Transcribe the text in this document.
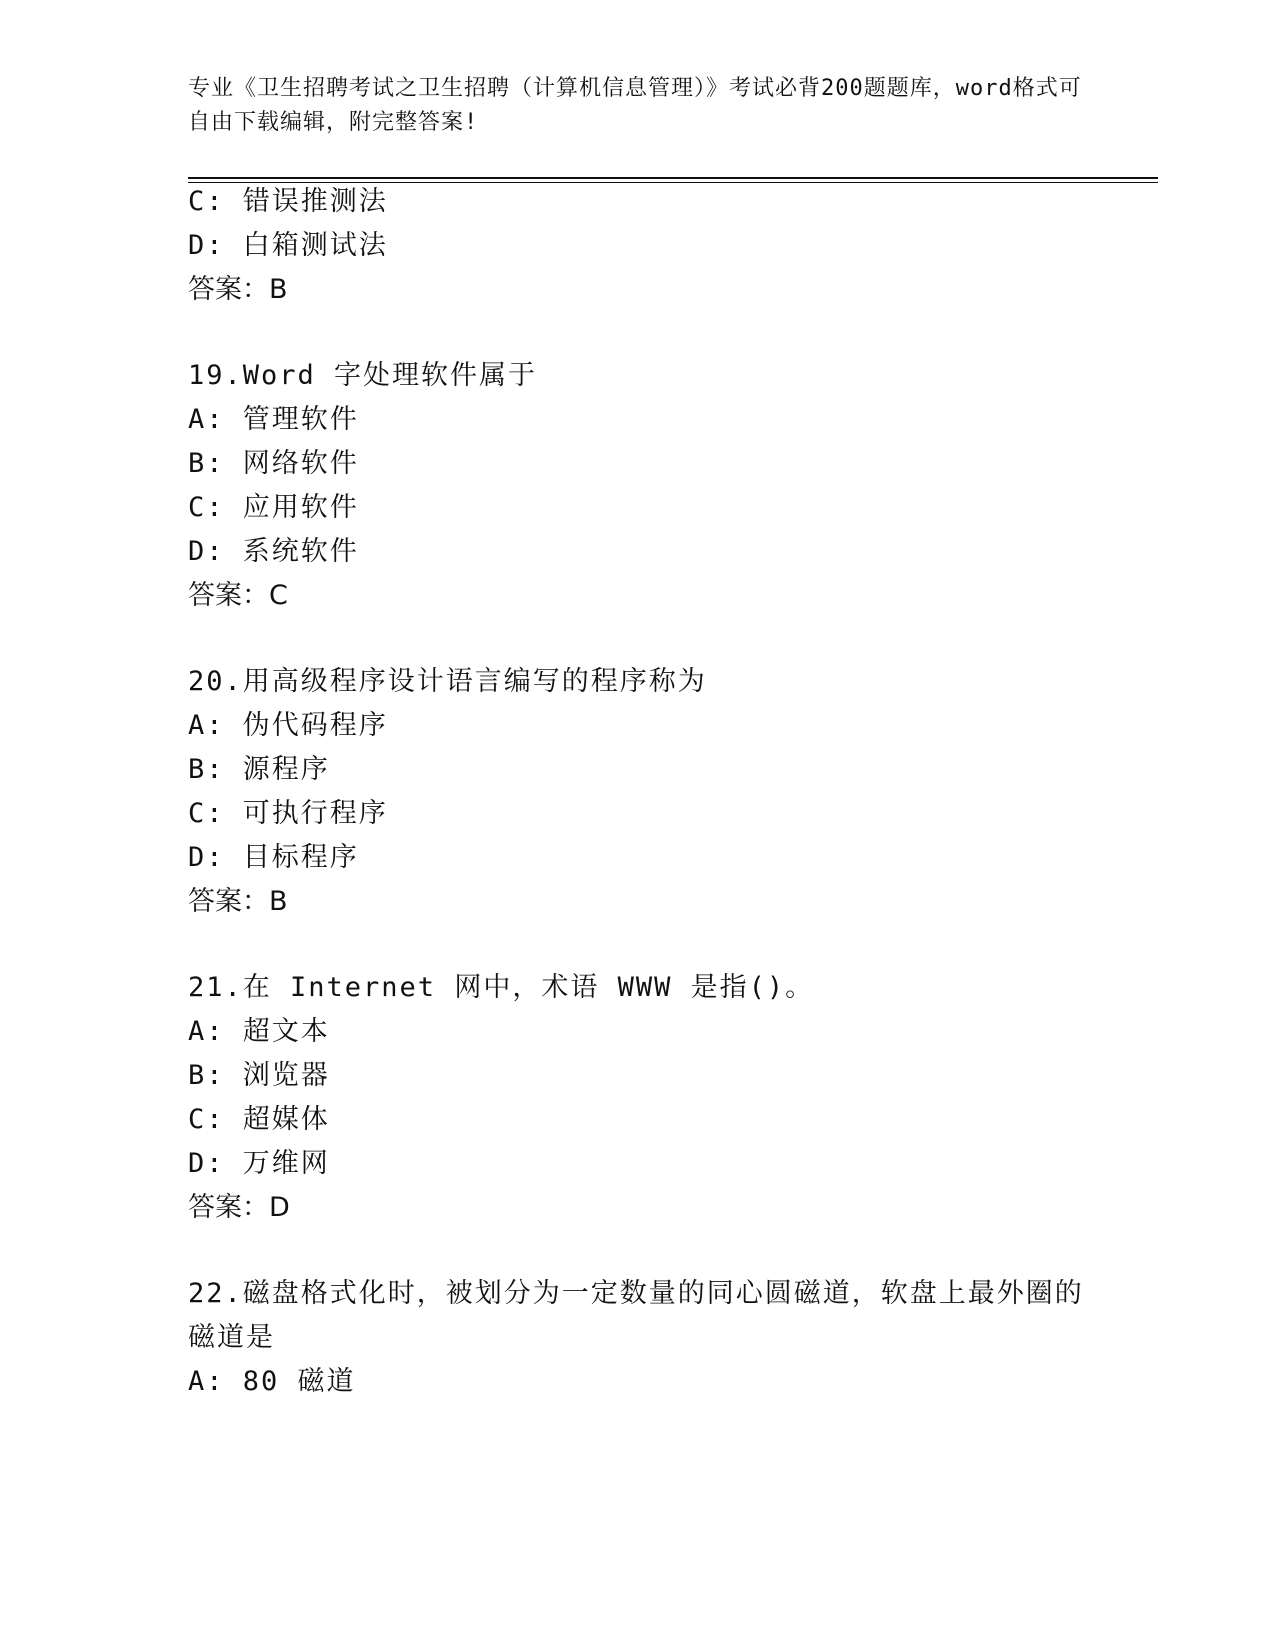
专业《卫生招聘考试之卫生招聘（计算机信息管理）》考试必背200题题库，word格式可自由下载编辑，附完整答案!
C: 错误推测法
D: 白箱测试法
答案：B
19.Word 字处理软件属于
A: 管理软件
B: 网络软件
C: 应用软件
D: 系统软件
答案：C
20.用高级程序设计语言编写的程序称为
A: 伪代码程序
B: 源程序
C: 可执行程序
D: 目标程序
答案：B
21.在 Internet 网中，术语 WWW 是指()。
A: 超文本
B: 浏览器
C: 超媒体
D: 万维网
答案：D
22.磁盘格式化时，被划分为一定数量的同心圆磁道，软盘上最外圈的
磁道是
A: 80 磁道
